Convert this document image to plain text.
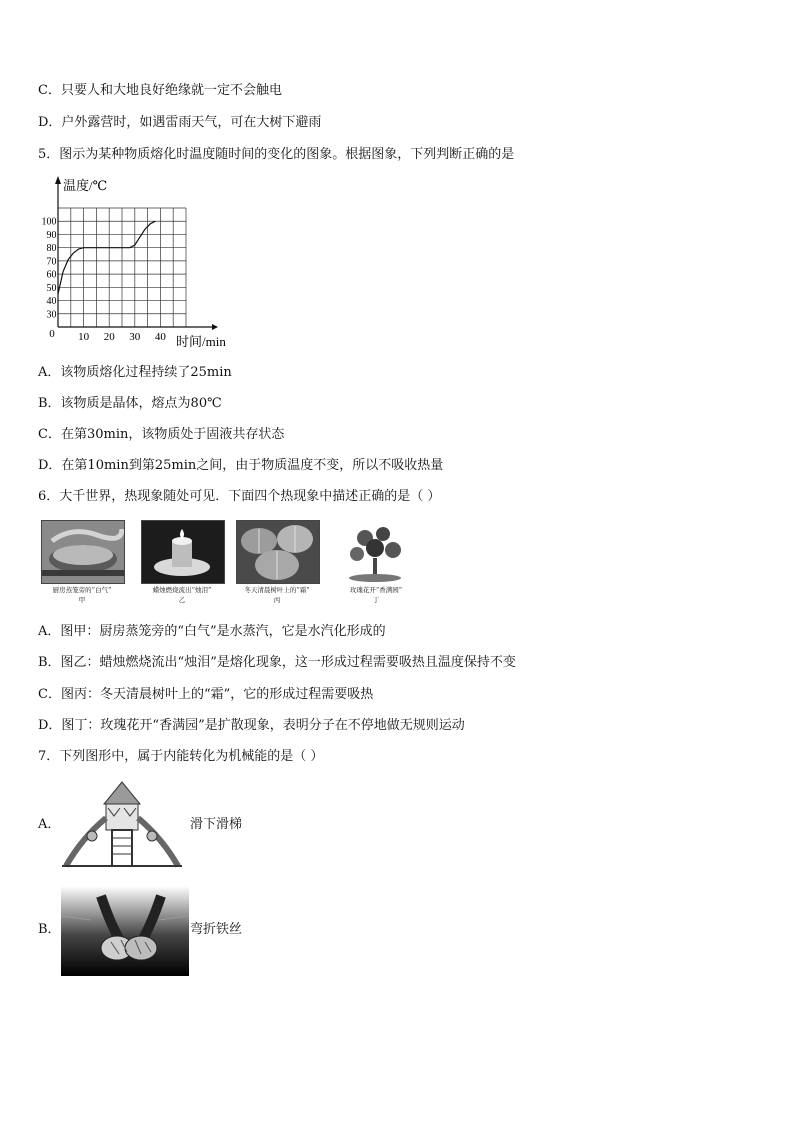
C．只要人和大地良好绝缘就一定不会触电
D．户外露营时，如遇雷雨天气，可在大树下避雨
5．图示为某种物质熔化时温度随时间的变化的图象。根据图象，下列判断正确的是
30
40
50
60
70
80
90
100
0 10 20 30 40
温度/℃
时间/min
A．该物质熔化过程持续了25min
B．该物质是晶体，熔点为80℃
C．在第30min，该物质处于固液共存状态
D．在第10min到第25min之间，由于物质温度不变，所以不吸收热量
6．大千世界，热现象随处可见．下面四个热现象中描述正确的是（ ）
厨房蒸笼旁的“白气”
甲
蜡烛燃烧流出“烛泪”
乙
冬天清晨树叶上的“霜”
丙
玫瑰花开“香满园”
丁
A．图甲：厨房蒸笼旁的“白气”是水蒸汽，它是水汽化形成的
B．图乙：蜡烛燃烧流出“烛泪”是熔化现象，这一形成过程需要吸热且温度保持不变
C．图丙：冬天清晨树叶上的“霜”，它的形成过程需要吸热
D．图丁：玫瑰花开“香满园”是扩散现象，表明分子在不停地做无规则运动
7．下列图形中，属于内能转化为机械能的是（ ）
A．	滑下滑梯
B．	弯折铁丝
